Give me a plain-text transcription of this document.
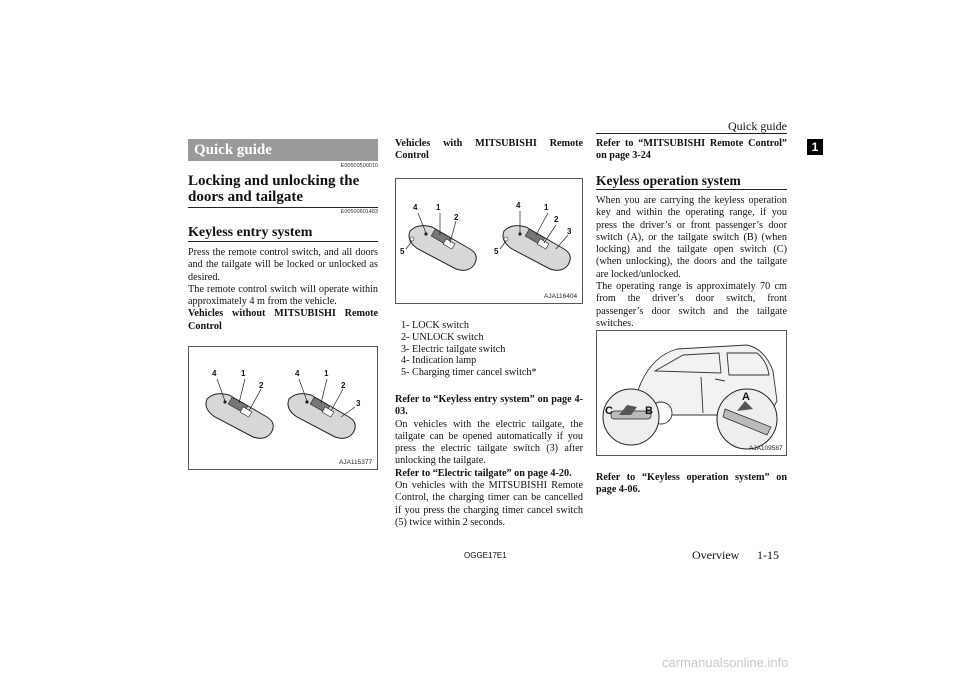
Quick guide
1
Quick guide
E00500500010

Locking and unlocking the doors and tailgate

E00500601483

Keyless entry system

Press the remote control switch, and all doors and the tailgate will be locked or unlocked as desired.

The remote control switch will operate within approximately 4 m from the vehicle.

Vehicles without MITSUBISHI Remote Control

4	1
2
4	1
2
3
AJA115377

Vehicles with MITSUBISHI Remote Control

4 1
2
5
4	1
2
3
5
AJA116404
1- LOCK switch
2- UNLOCK switch
3- Electric tailgate switch
4- Indication lamp
5- Charging timer cancel switch*

Refer to “Keyless entry system” on page 4-03.

On vehicles with the electric tailgate, the tailgate can be opened automatically if you press the electric tailgate switch (3) after unlocking the tailgate.

Refer to “Electric tailgate” on page 4-20.

On vehicles with the MITSUBISHI Remote Control, the charging timer can be cancelled if you press the charging timer cancel switch (5) twice within 2 seconds.

Refer to “MITSUBISHI Remote Control” on page 3-24

Keyless operation system

When you are carrying the keyless operation key and within the operating range, if you press the driver’s or front passenger’s door switch (A), or the tailgate switch (B) (when locking) and the tailgate open switch (C) (when unlocking), the doors and the tailgate are locked/unlocked.

The operating range is approximately 70 cm from the driver’s door switch, front passenger’s door switch and the tailgate switches.

C	B
A
AJA109587

Refer to “Keyless operation system” on page 4-06.

OGGE17E1	Overview 1-15
carmanualsonline.info
